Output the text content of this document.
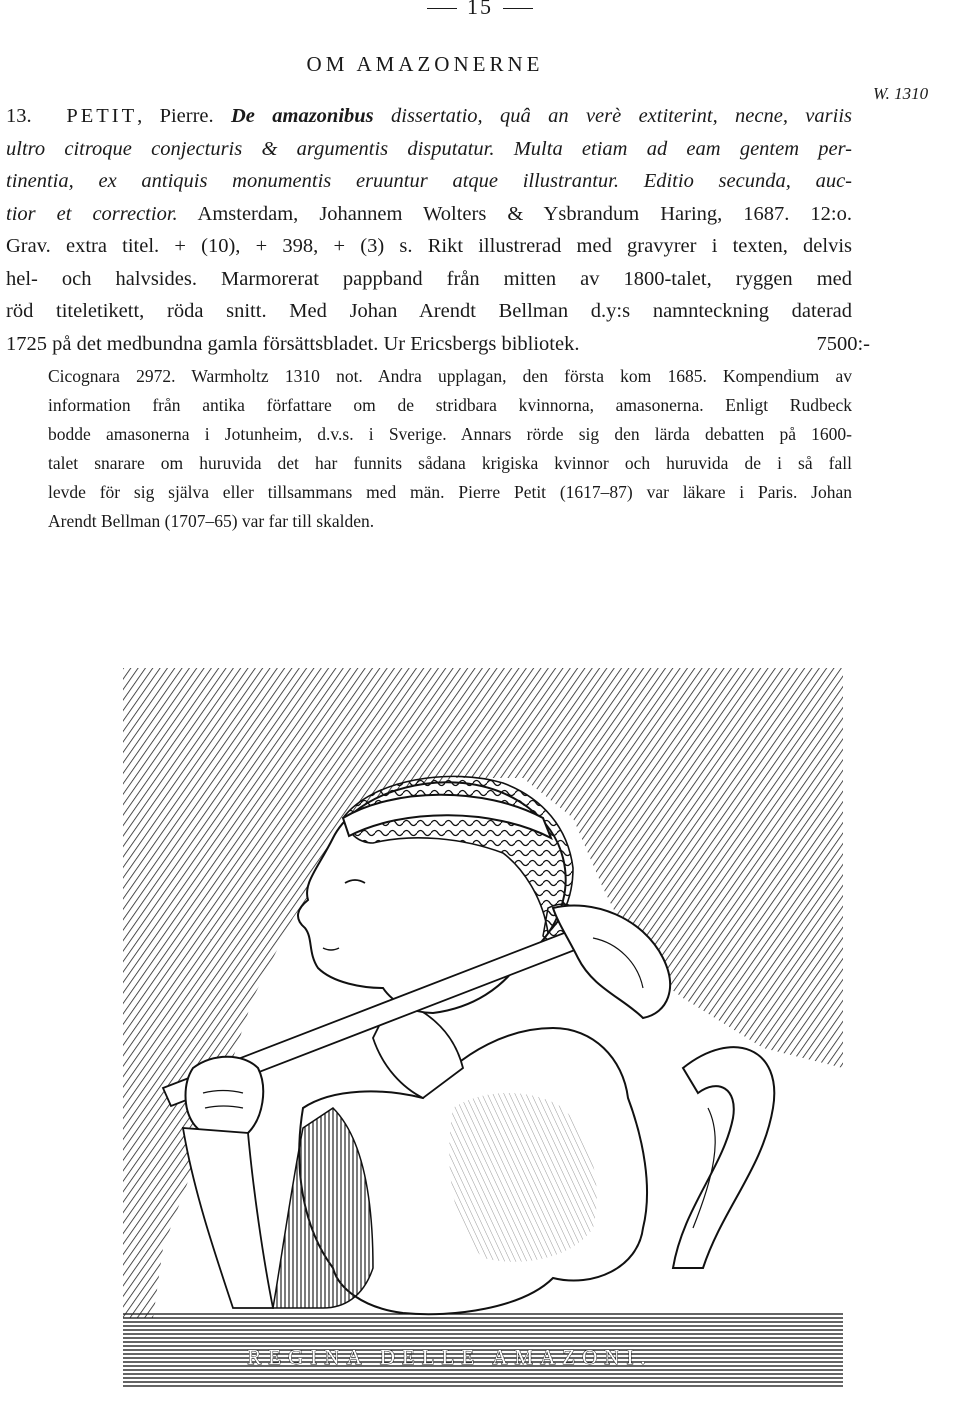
15
OM AMAZONERNE
W. 1310
13. PETIT, Pierre. De amazonibus dissertatio, quâ an verè extiterint, necne, variis
ultro citroque conjecturis & argumentis disputatur. Multa etiam ad eam gentem per-
tinentia, ex antiquis monumentis eruuntur atque illustrantur. Editio secunda, auc-
tior et correctior. Amsterdam, Johannem Wolters & Ysbrandum Haring, 1687. 12:o.
Grav. extra titel. + (10), + 398, + (3) s. Rikt illustrerad med gravyrer i texten, delvis
hel- och halvsides. Marmorerat pappband från mitten av 1800-talet, ryggen med
röd titeletikett, röda snitt. Med Johan Arendt Bellman d.y:s namnteckning daterad
1725 på det medbundna gamla försättsbladet. Ur Ericsbergs bibliotek.	7500:-
Cicognara 2972. Warmholtz 1310 not. Andra upplagan, den första kom 1685. Kompendium av
information från antika författare om de stridbara kvinnorna, amasonerna. Enligt Rudbeck
bodde amasonerna i Jotunheim, d.v.s. i Sverige. Annars rörde sig den lärda debatten på 1600-
talet snarare om huruvida det har funnits sådana krigiska kvinnor och huruvida de i så fall
levde för sig själva eller tillsammans med män. Pierre Petit (1617–87) var läkare i Paris. Johan
Arendt Bellman (1707–65) var far till skalden.
REGINA DELLE AMAZONI.
